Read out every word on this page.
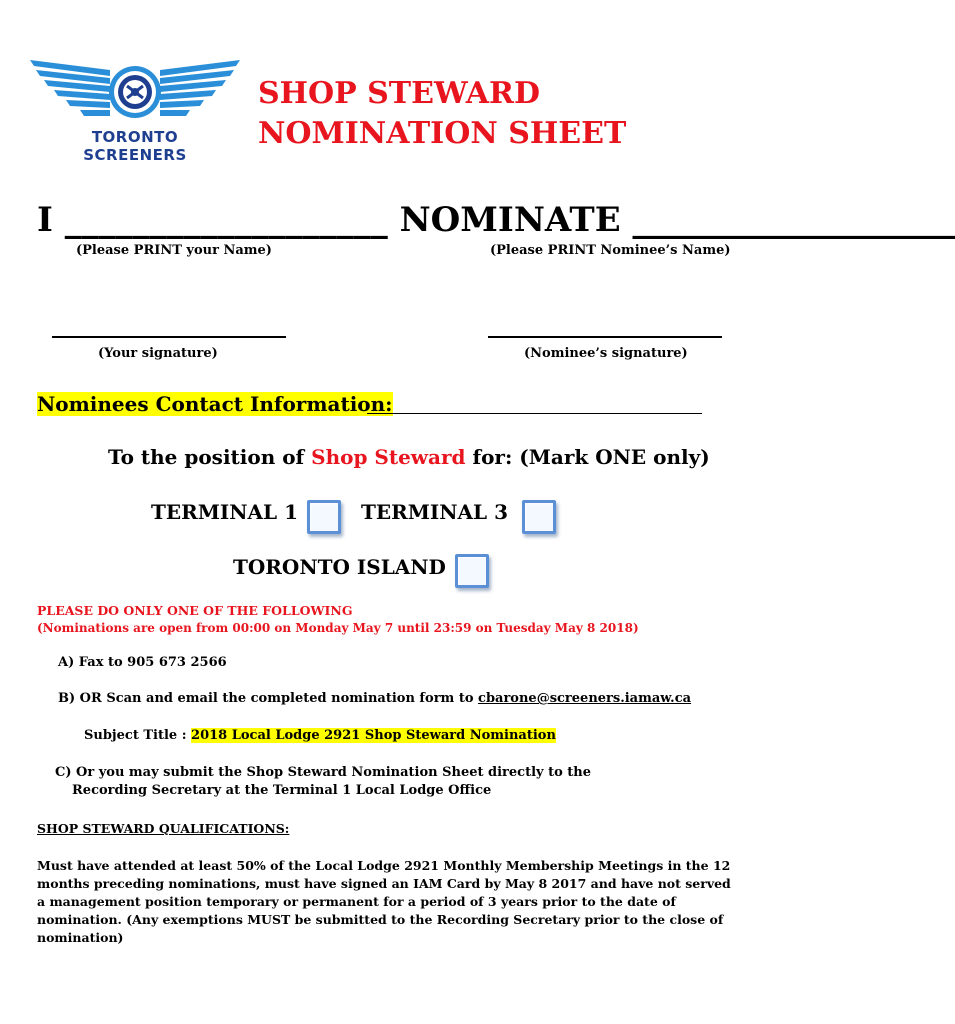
TORONTO
SCREENERS
SHOP STEWARD
NOMINATION SHEET
I ___________________ NOMINATE ___________________
(Please PRINT your Name)	(Please PRINT Nominee’s Name)
(Your signature)	(Nominee’s signature)
Nominees Contact Information:
To the position of Shop Steward for: (Mark ONE only)
TERMINAL 1	TERMINAL 3
TORONTO ISLAND
PLEASE DO ONLY ONE OF THE FOLLOWING
(Nominations are open from 00:00 on Monday May 7 until 23:59 on Tuesday May 8 2018)
A) Fax to 905 673 2566
B) OR Scan and email the completed nomination form to cbarone@screeners.iamaw.ca
Subject Title : 2018 Local Lodge 2921 Shop Steward Nomination
C) Or you may submit the Shop Steward Nomination Sheet directly to the
Recording Secretary at the Terminal 1 Local Lodge Office
SHOP STEWARD QUALIFICATIONS:
Must have attended at least 50% of the Local Lodge 2921 Monthly Membership Meetings in the 12 months preceding nominations, must have signed an IAM Card by May 8 2017 and have not served a management position temporary or permanent for a period of 3 years prior to the date of nomination. (Any exemptions MUST be submitted to the Recording Secretary prior to the close of nomination)
